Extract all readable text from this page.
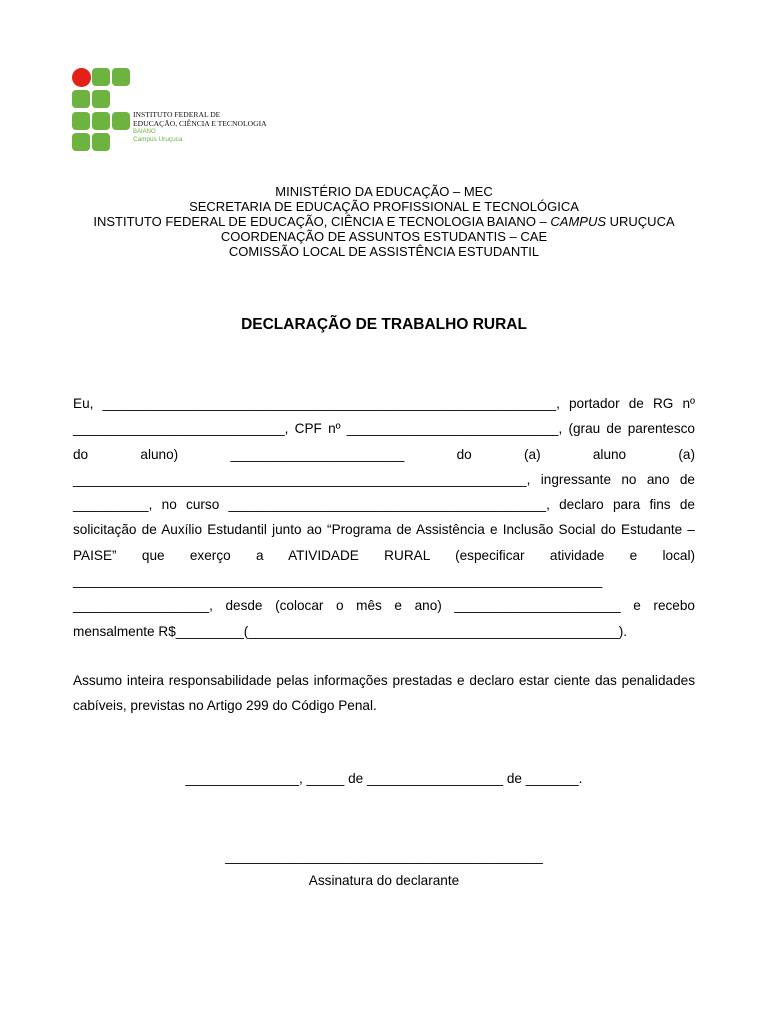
INSTITUTO FEDERAL DE
EDUCAÇÃO, CIÊNCIA E TECNOLOGIA
BAIANO
Campus Uruçuca
MINISTÉRIO DA EDUCAÇÃO – MEC
SECRETARIA DE EDUCAÇÃO PROFISSIONAL E TECNOLÓGICA
INSTITUTO FEDERAL DE EDUCAÇÃO, CIÊNCIA E TECNOLOGIA BAIANO – CAMPUS URUÇUCA
COORDENAÇÃO DE ASSUNTOS ESTUDANTIS – CAE
COMISSÃO LOCAL DE ASSISTÊNCIA ESTUDANTIL
DECLARAÇÃO DE TRABALHO RURAL
Eu, ____________________________________________________________, portador de RG nº ____________________________, CPF nº ____________________________, (grau de parentesco do aluno) _______________________ do (a) aluno (a) ____________________________________________________________, ingressante no ano de __________, no curso __________________________________________, declaro para fins de solicitação de Auxílio Estudantil junto ao “Programa de Assistência e Inclusão Social do Estudante – PAISE” que exerço a ATIVIDADE RURAL (especificar atividade e local) ______________________________________________________________________ __________________, desde (colocar o mês e ano) ______________________ e recebo mensalmente R$_________(_________________________________________________).
Assumo inteira responsabilidade pelas informações prestadas e declaro estar ciente das penalidades cabíveis, previstas no Artigo 299 do Código Penal.
_______________, _____ de __________________ de _______.
__________________________________________
Assinatura do declarante
